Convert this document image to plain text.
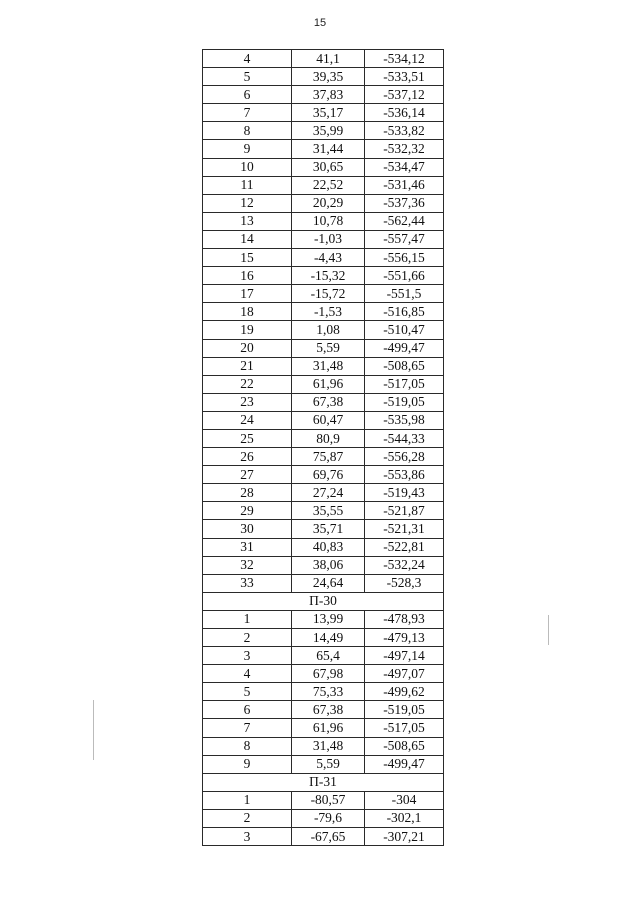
15
4	41,1	-534,12
5	39,35	-533,51
6	37,83	-537,12
7	35,17	-536,14
8	35,99	-533,82
9	31,44	-532,32
10	30,65	-534,47
11	22,52	-531,46
12	20,29	-537,36
13	10,78	-562,44
14	-1,03	-557,47
15	-4,43	-556,15
16	-15,32	-551,66
17	-15,72	-551,5
18	-1,53	-516,85
19	1,08	-510,47
20	5,59	-499,47
21	31,48	-508,65
22	61,96	-517,05
23	67,38	-519,05
24	60,47	-535,98
25	80,9	-544,33
26	75,87	-556,28
27	69,76	-553,86
28	27,24	-519,43
29	35,55	-521,87
30	35,71	-521,31
31	40,83	-522,81
32	38,06	-532,24
33	24,64	-528,3
П-30		
1	13,99	-478,93
2	14,49	-479,13
3	65,4	-497,14
4	67,98	-497,07
5	75,33	-499,62
6	67,38	-519,05
7	61,96	-517,05
8	31,48	-508,65
9	5,59	-499,47
П-31		
1	-80,57	-304
2	-79,6	-302,1
3	-67,65	-307,21
